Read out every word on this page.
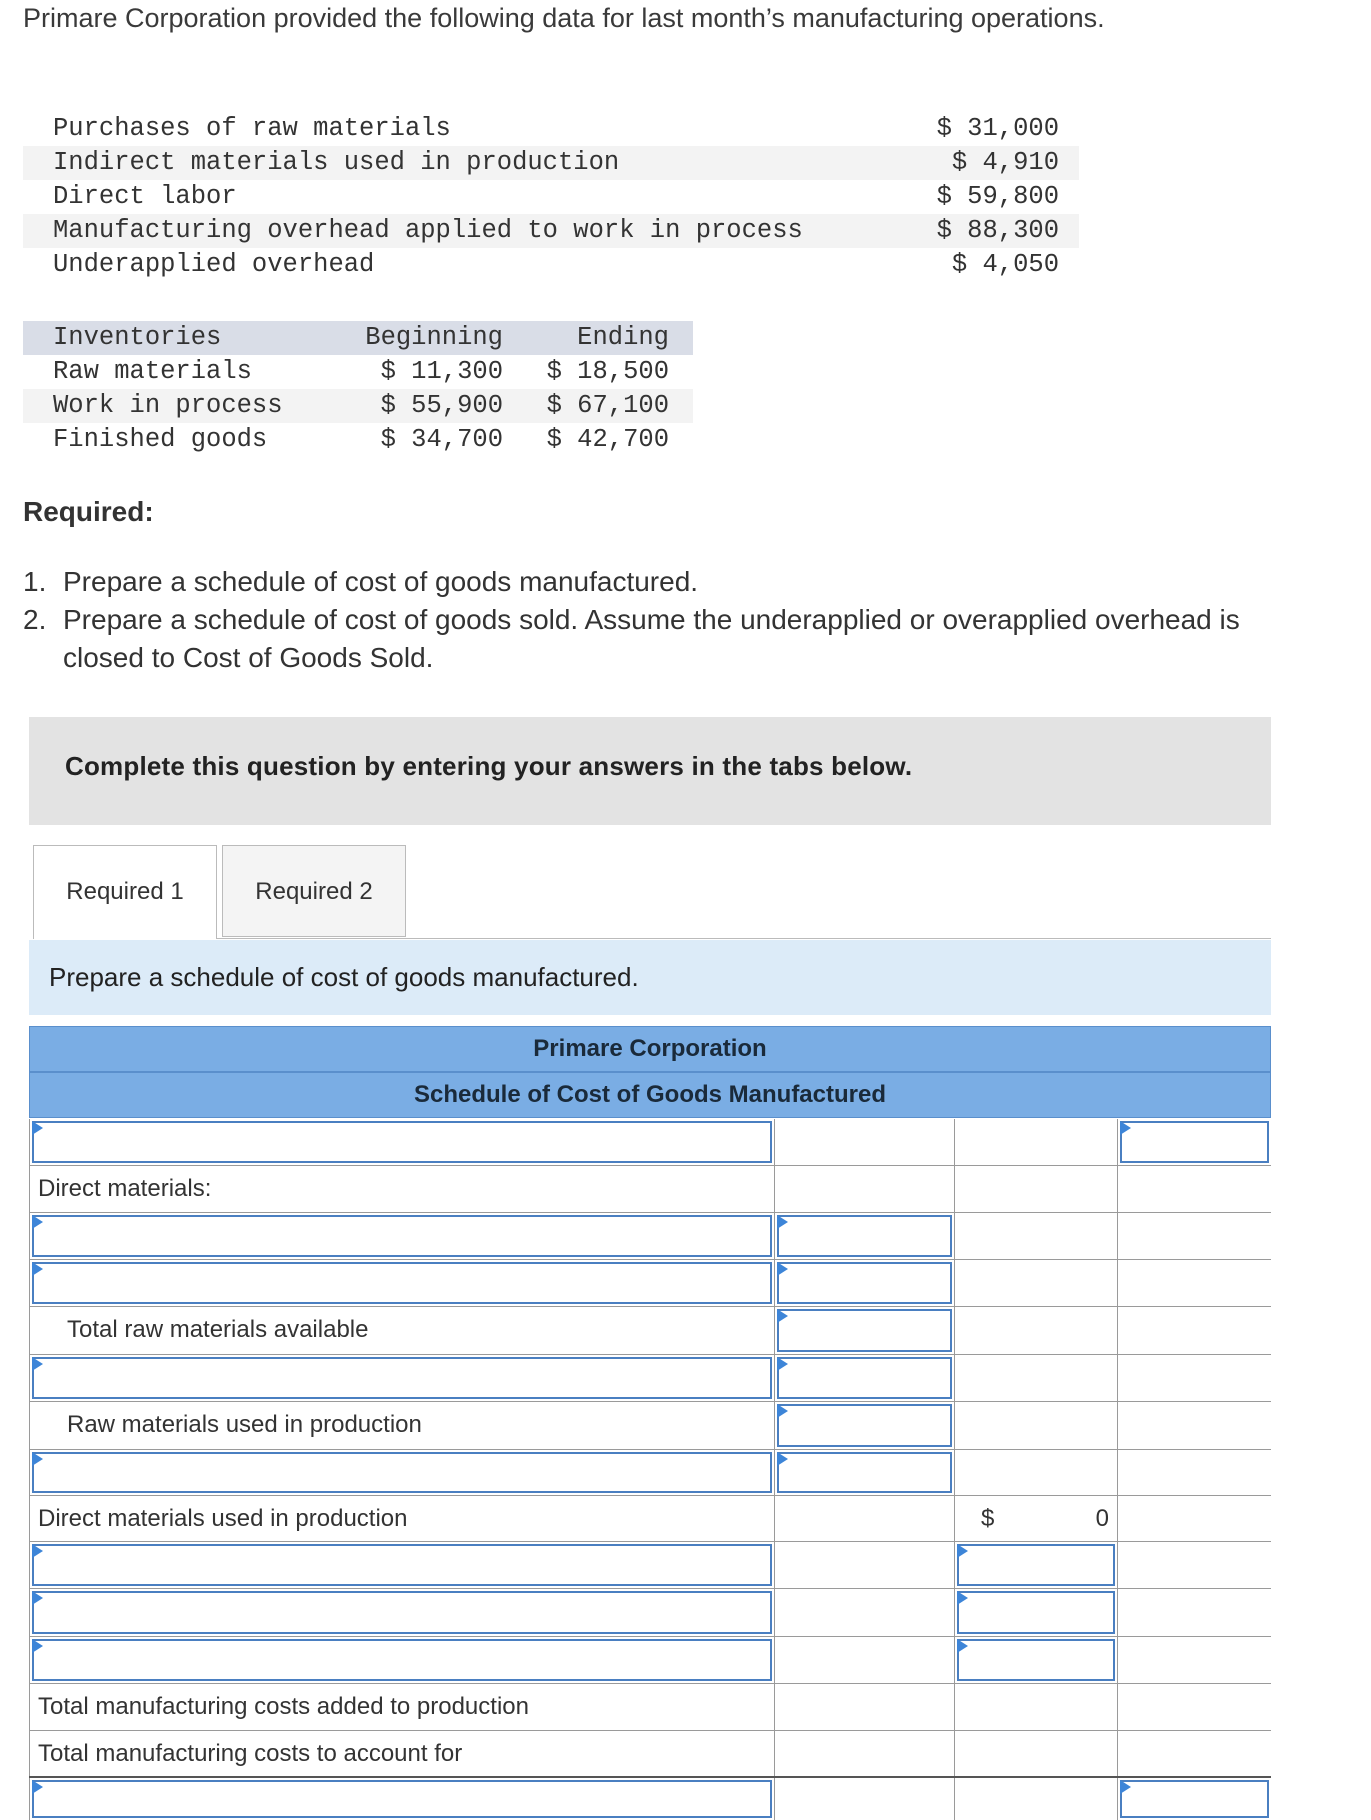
Primare Corporation provided the following data for last month’s manufacturing operations.
Purchases of raw materials	$ 31,000
Indirect materials used in production	$ 4,910
Direct labor	$ 59,800
Manufacturing overhead applied to work in process	$ 88,300
Underapplied overhead	$ 4,050
Inventories	Beginning	Ending
Raw materials	$ 11,300 $ 18,500
Work in process	$ 55,900 $ 67,100
Finished goods	$ 34,700 $ 42,700
Required:
1. Prepare a schedule of cost of goods manufactured.
2. Prepare a schedule of cost of goods sold. Assume the underapplied or overapplied overhead is closed to Cost of Goods Sold.
Complete this question by entering your answers in the tabs below.
Required 1	Required 2
Prepare a schedule of cost of goods manufactured.
Primare Corporation
Schedule of Cost of Goods Manufactured
Direct materials:
Total raw materials available
Raw materials used in production
Direct materials used in production	$	0
Total manufacturing costs added to production
Total manufacturing costs to account for
